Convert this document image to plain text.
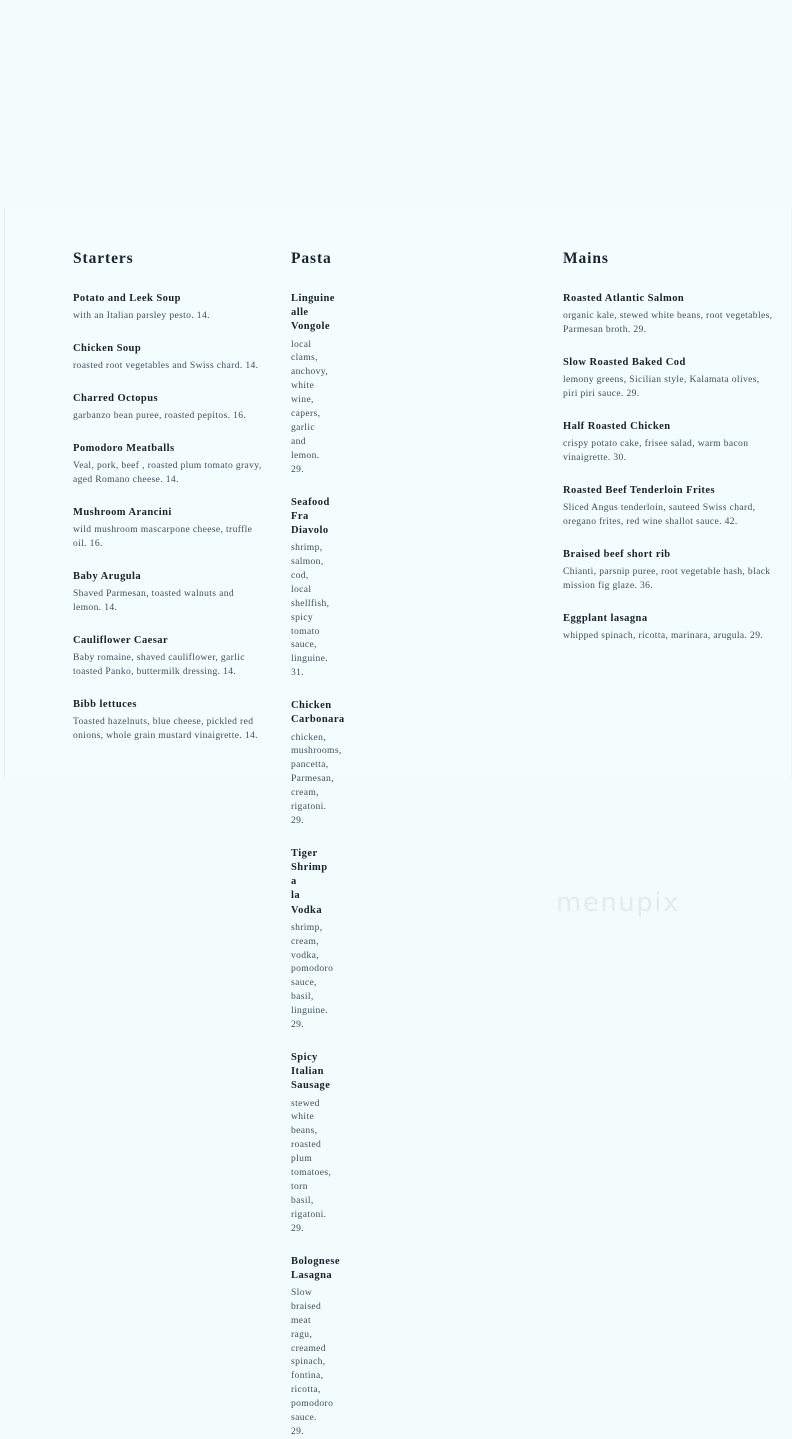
Starters
Potato and Leek Soup
with an Italian parsley pesto. 14.
Chicken Soup
roasted root vegetables and Swiss chard. 14.
Charred Octopus
garbanzo bean puree, roasted pepitos. 16.
Pomodoro Meatballs
Veal, pork, beef , roasted plum tomato gravy, aged Romano cheese. 14.
Mushroom Arancini
wild mushroom mascarpone cheese, truffle oil. 16.
Baby Arugula
Shaved Parmesan, toasted walnuts and lemon. 14.
Cauliflower Caesar
Baby romaine, shaved cauliflower, garlic toasted Panko, buttermilk dressing. 14.
Bibb lettuces
Toasted hazelnuts, blue cheese, pickled red onions, whole grain mustard vinaigrette. 14.
Pasta
Linguine alle Vongole
local clams, anchovy, white wine, capers, garlic and lemon. 29.
Seafood Fra Diavolo
shrimp, salmon, cod, local shellfish, spicy tomato sauce, linguine. 31.
Chicken Carbonara
chicken, mushrooms, pancetta, Parmesan, cream, rigatoni. 29.
Tiger Shrimp a la Vodka
shrimp, cream, vodka, pomodoro sauce, basil, linguine. 29.
Spicy Italian Sausage
stewed white beans, roasted plum tomatoes, torn basil, rigatoni. 29.
Bolognese Lasagna
Slow braised meat ragu, creamed spinach, fontina, ricotta, pomodoro sauce. 29.
Mains
Roasted Atlantic Salmon
organic kale, stewed white beans, root vegetables, Parmesan broth. 29.
Slow Roasted Baked Cod
lemony greens, Sicilian style, Kalamata olives, piri piri sauce. 29.
Half Roasted Chicken
crispy potato cake, frisee salad, warm bacon vinaigrette. 30.
Roasted Beef Tenderloin Frites
Sliced Angus tenderloin, sauteed Swiss chard, oregano frites, red wine shallot sauce. 42.
Braised beef short rib
Chianti, parsnip puree, root vegetable hash, black mission fig glaze. 36.
Eggplant lasagna
whipped spinach, ricotta, marinara, arugula. 29.
menupix
